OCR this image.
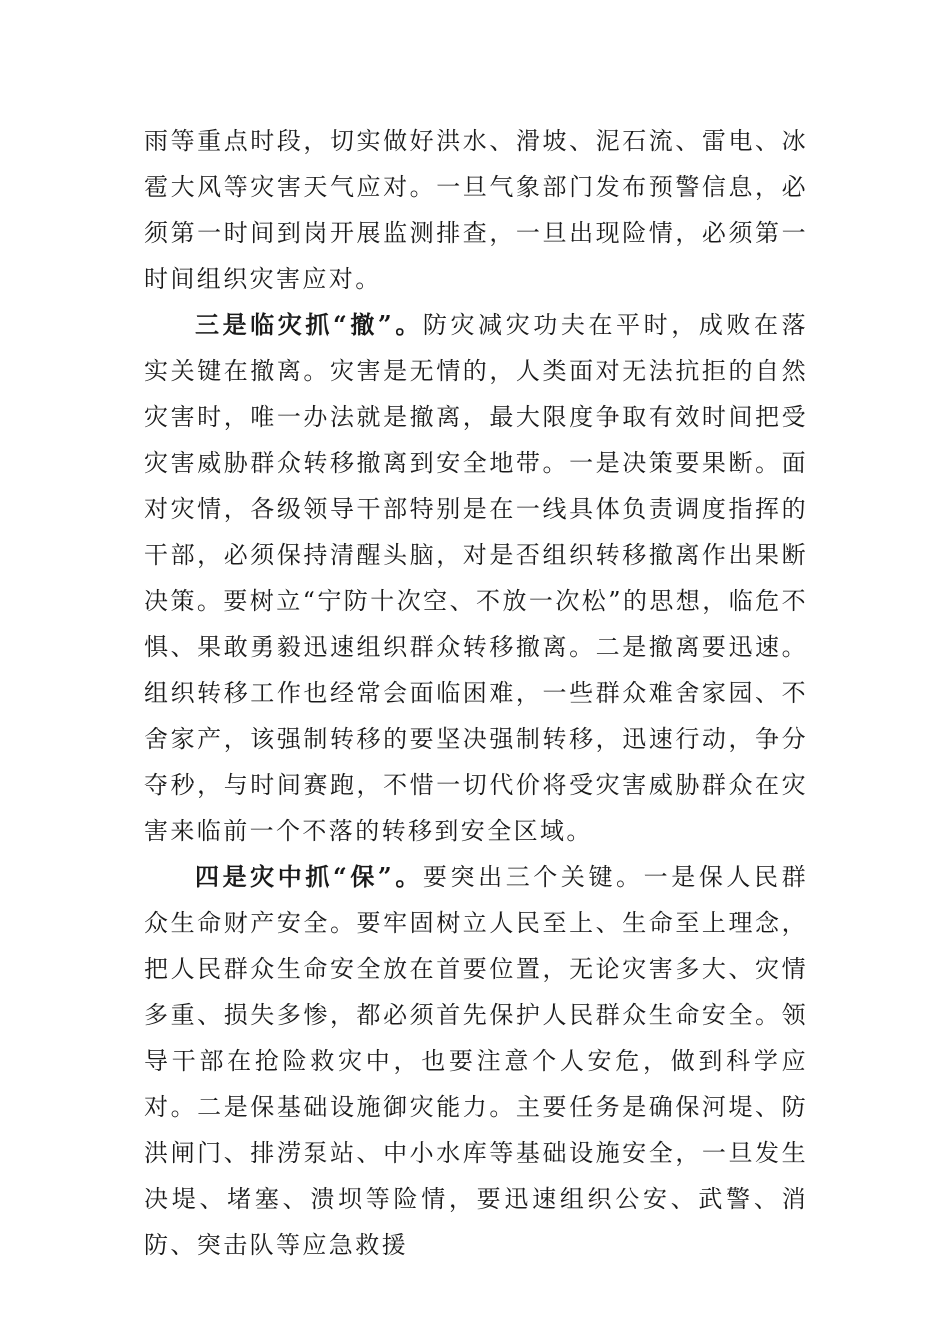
雨等重点时段，切实做好洪水、滑坡、泥石流、雷电、冰雹大风等灾害天气应对。一旦气象部门发布预警信息，必须第一时间到岗开展监测排查，一旦出现险情，必须第一时间组织灾害应对。

三是临灾抓“撤”。防灾减灾功夫在平时，成败在落实关键在撤离。灾害是无情的，人类面对无法抗拒的自然灾害时，唯一办法就是撤离，最大限度争取有效时间把受灾害威胁群众转移撤离到安全地带。一是决策要果断。面对灾情，各级领导干部特别是在一线具体负责调度指挥的干部，必须保持清醒头脑，对是否组织转移撤离作出果断决策。要树立“宁防十次空、不放一次松”的思想，临危不惧、果敢勇毅迅速组织群众转移撤离。二是撤离要迅速。组织转移工作也经常会面临困难，一些群众难舍家园、不舍家产，该强制转移的要坚决强制转移，迅速行动，争分夺秒，与时间赛跑，不惜一切代价将受灾害威胁群众在灾害来临前一个不落的转移到安全区域。

四是灾中抓“保”。要突出三个关键。一是保人民群众生命财产安全。要牢固树立人民至上、生命至上理念，把人民群众生命安全放在首要位置，无论灾害多大、灾情多重、损失多惨，都必须首先保护人民群众生命安全。领导干部在抢险救灾中，也要注意个人安危，做到科学应对。二是保基础设施御灾能力。主要任务是确保河堤、防洪闸门、排涝泵站、中小水库等基础设施安全，一旦发生决堤、堵塞、溃坝等险情，要迅速组织公安、武警、消防、突击队等应急救援
